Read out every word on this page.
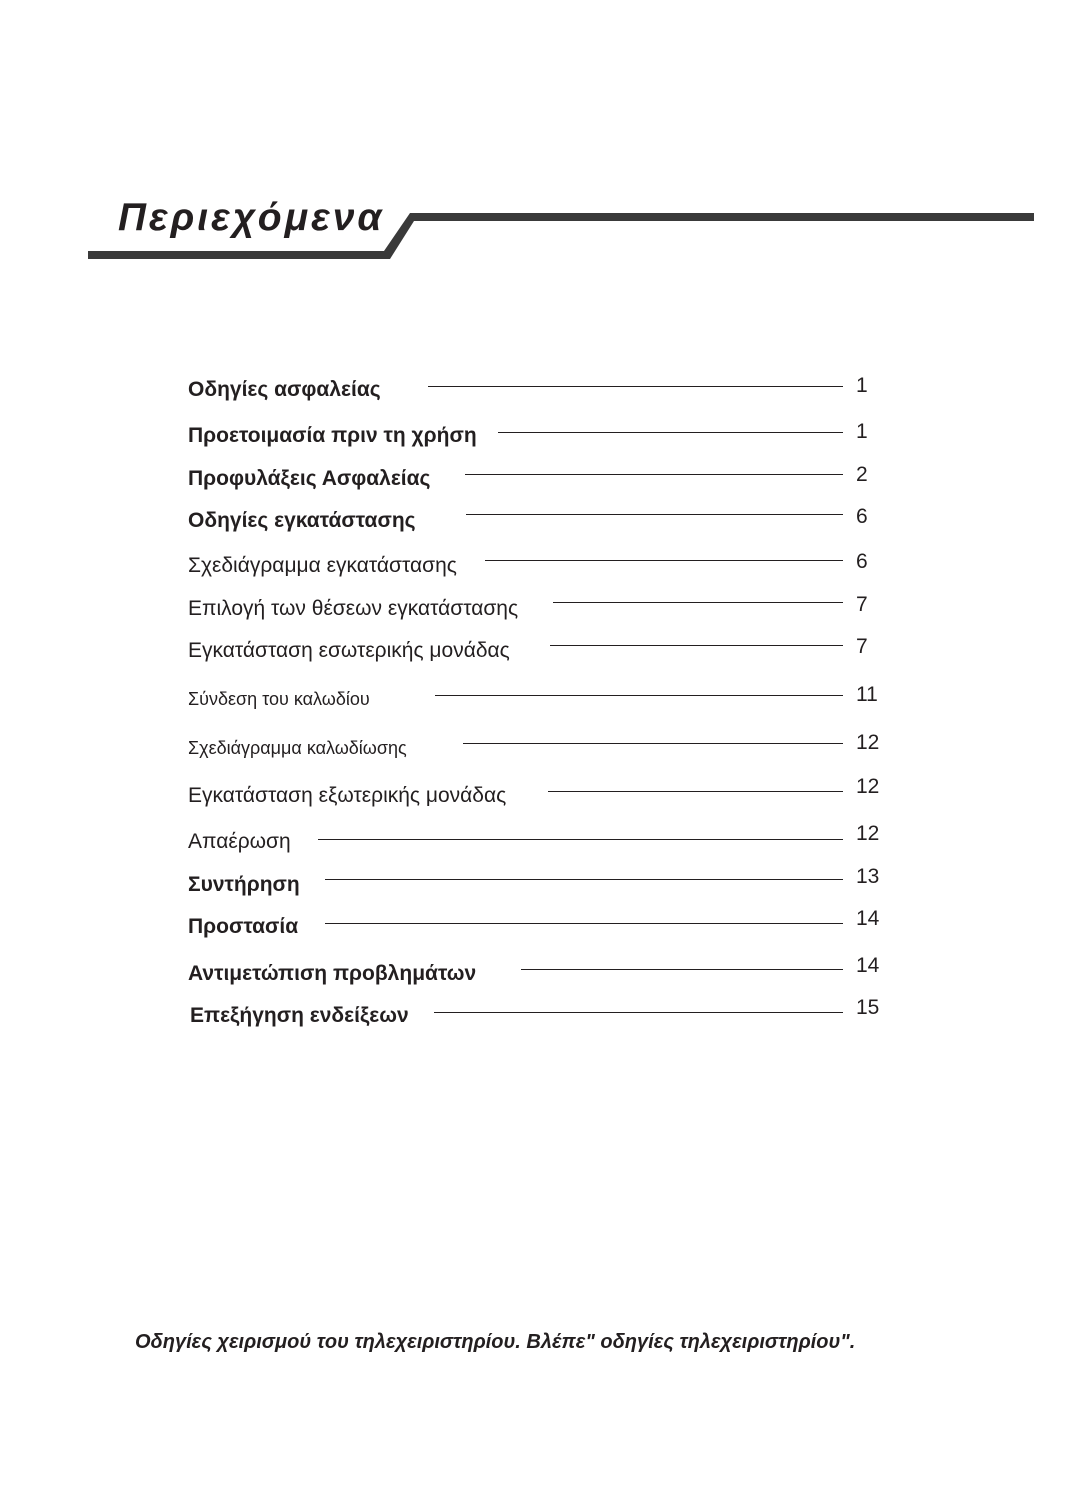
Περιεχόμενα
Οδηγίες ασφαλείας	1
Προετοιμασία πριν τη χρήση	1
Προφυλάξεις Ασφαλείας	2
Οδηγίες εγκατάστασης	6
Σχεδιάγραμμα εγκατάστασης	6
Επιλογή των θέσεων εγκατάστασης	7
Εγκατάσταση εσωτερικής μονάδας	7
Σύνδεση του καλωδίου	11
Σχεδιάγραμμα καλωδίωσης	12
Εγκατάσταση εξωτερικής μονάδας	12
Απαέρωση	12
Συντήρηση	13
Προστασία	14
Αντιμετώπιση προβλημάτων	14
Επεξήγηση ενδείξεων	15
Οδηγίες χειρισμού του τηλεχειριστηρίου. Βλέπε" οδηγίες τηλεχειριστηρίου".
